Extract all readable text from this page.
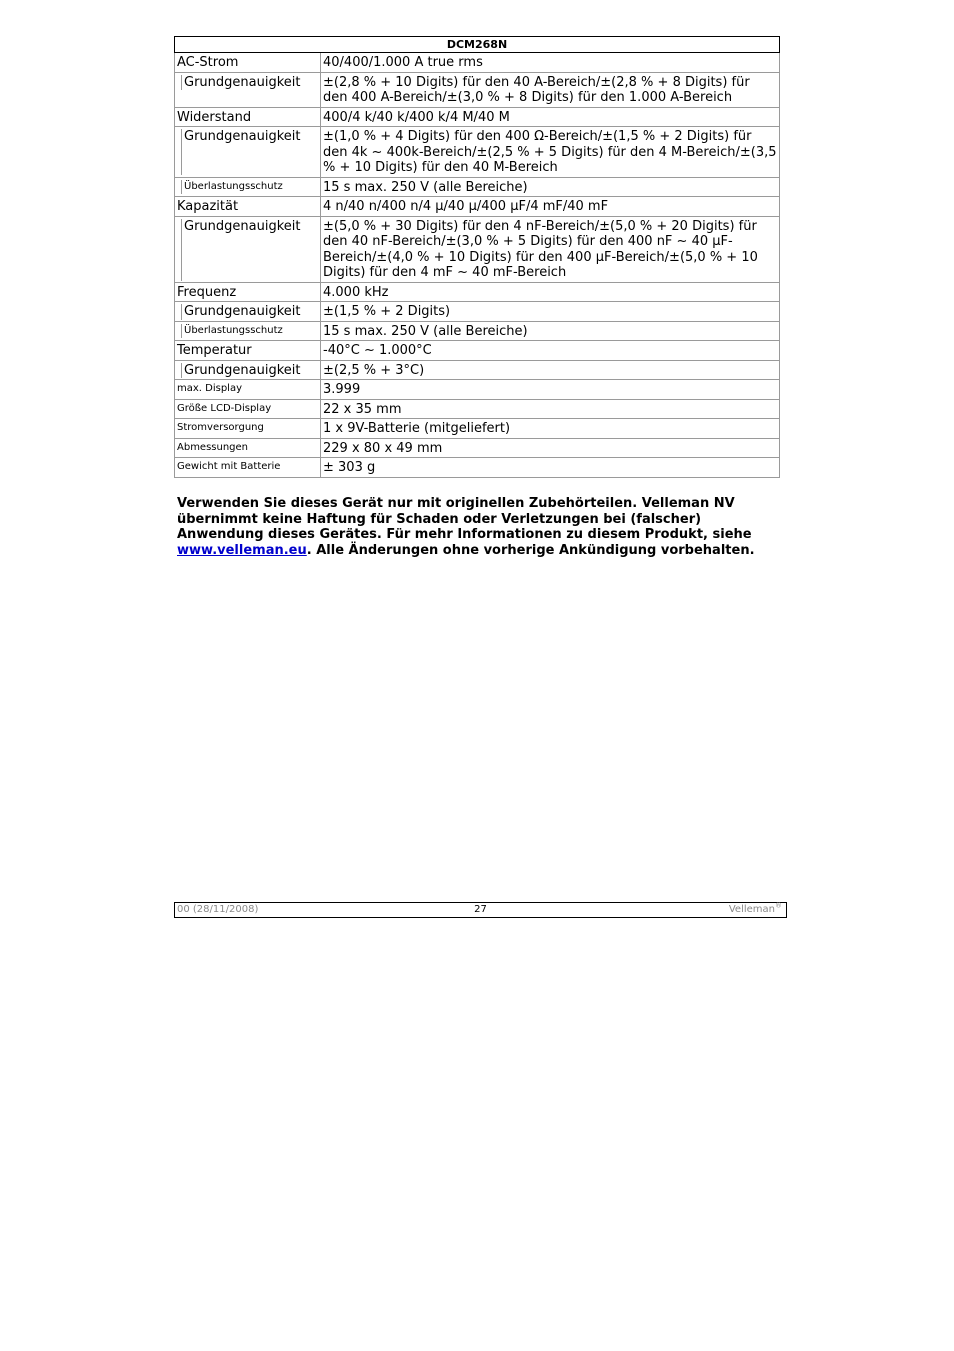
DCM268N	
AC-Strom	40/400/1.000 A true rms

Grundgenauigkeit	±(2,8 % + 10 Digits) für den 40 A-Bereich/±(2,8 % + 8 Digits) für den 400 A-Bereich/±(3,0 % + 8 Digits) für den 1.000 A-Bereich
Widerstand	400/4 k/40 k/400 k/4 M/40 M

Grundgenauigkeit	±(1,0 % + 4 Digits) für den 400 Ω-Bereich/±(1,5 % + 2 Digits) für den 4k ~ 400k-Bereich/±(2,5 % + 5 Digits) für den 4 M-Bereich/±(3,5 % + 10 Digits) für den 40 M-Bereich

Überlastungsschutz	15 s max. 250 V (alle Bereiche)
Kapazität	4 n/40 n/400 n/4 µ/40 µ/400 µF/4 mF/40 mF

Grundgenauigkeit	±(5,0 % + 30 Digits) für den 4 nF-Bereich/±(5,0 % + 20 Digits) für den 40 nF-Bereich/±(3,0 % + 5 Digits) für den 400 nF ~ 40 µF-Bereich/±(4,0 % + 10 Digits) für den 400 µF-Bereich/±(5,0 % + 10 Digits) für den 4 mF ~ 40 mF-Bereich
Frequenz	4.000 kHz

Grundgenauigkeit	±(1,5 % + 2 Digits)

Überlastungsschutz	15 s max. 250 V (alle Bereiche)
Temperatur	-40°C ~ 1.000°C

Grundgenauigkeit	±(2,5 % + 3°C)
max. Display	3.999
Größe LCD-Display	22 x 35 mm
Stromversorgung	1 x 9V-Batterie (mitgeliefert)
Abmessungen	229 x 80 x 49 mm
Gewicht mit Batterie	± 303 g

Verwenden Sie dieses Gerät nur mit originellen Zubehörteilen. Velleman NV übernimmt keine Haftung für Schaden oder Verletzungen bei (falscher) Anwendung dieses Gerätes. Für mehr Informationen zu diesem Produkt, siehe www.velleman.eu. Alle Änderungen ohne vorherige Ankündigung vorbehalten.

00 (28/11/2008)	27	Velleman®
